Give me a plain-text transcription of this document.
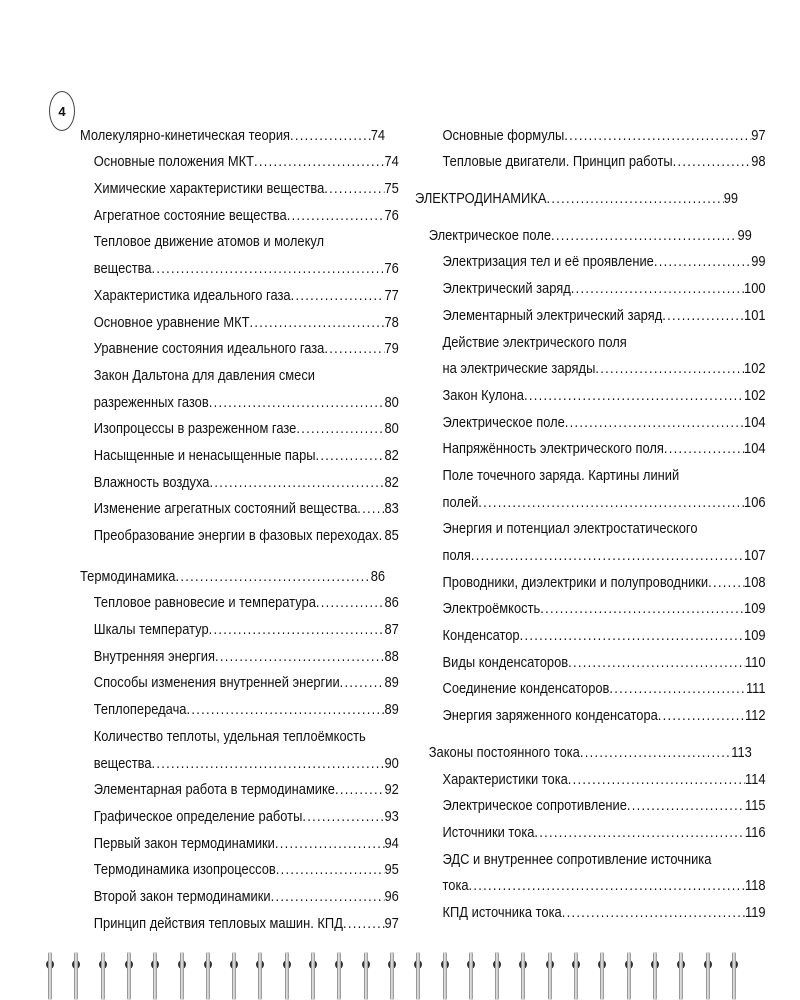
4
Молекулярно-кинетическая теория .....	74
Основные положения МКТ .....	74
Химические характеристики вещества .....	75
Агрегатное состояние вещества .....	76
Тепловое движение атомов и молекул
вещества .....	76
Характеристика идеального газа .....	77
Основное уравнение МКТ .....	78
Уравнение состояния идеального газа .....	79
Закон Дальтона для давления смеси
разреженных газов .....	80
Изопроцессы в разреженном газе .....	80
Насыщенные и ненасыщенные пары .....	82
Влажность воздуха .....	82
Изменение агрегатных состояний вещества ..... 83
Преобразование энергии в фазовых переходах ..... 85
Термодинамика .....	86
Тепловое равновесие и температура .....	86
Шкалы температур .....	87
Внутренняя энергия .....	88
Способы изменения внутренней энергии .....	89
Теплопередача .....	89
Количество теплоты, удельная теплоёмкость
вещества .....	90
Элементарная работа в термодинамике .....	92
Графическое определение работы .....	93
Первый закон термодинамики .....	94
Термодинамика изопроцессов .....	95
Второй закон термодинамики .....	96
Принцип действия тепловых машин. КПД .....	97
Основные формулы .....	97
Тепловые двигатели. Принцип работы .....	98
ЭЛЕКТРОДИНАМИКА .....	99
Электрическое поле .....	99
Электризация тел и её проявление .....	99
Электрический заряд .....	100
Элементарный электрический заряд .....	101
Действие электрического поля
на электрические заряды .....	102
Закон Кулона .....	102
Электрическое поле .....	104
Напряжённость электрического поля .....	104
Поле точечного заряда. Картины линий
полей .....	106
Энергия и потенциал электростатического
поля .....	107
Проводники, диэлектрики и полупроводники ..... 108
Электроёмкость .....	109
Конденсатор .....	109
Виды конденсаторов .....	110
Соединение конденсаторов .....	111
Энергия заряженного конденсатора .....	112
Законы постоянного тока .....	113
Характеристики тока .....	114
Электрическое сопротивление .....	115
Источники тока .....	116
ЭДС и внутреннее сопротивление источника
тока .....	118
КПД источника тока .....	119
